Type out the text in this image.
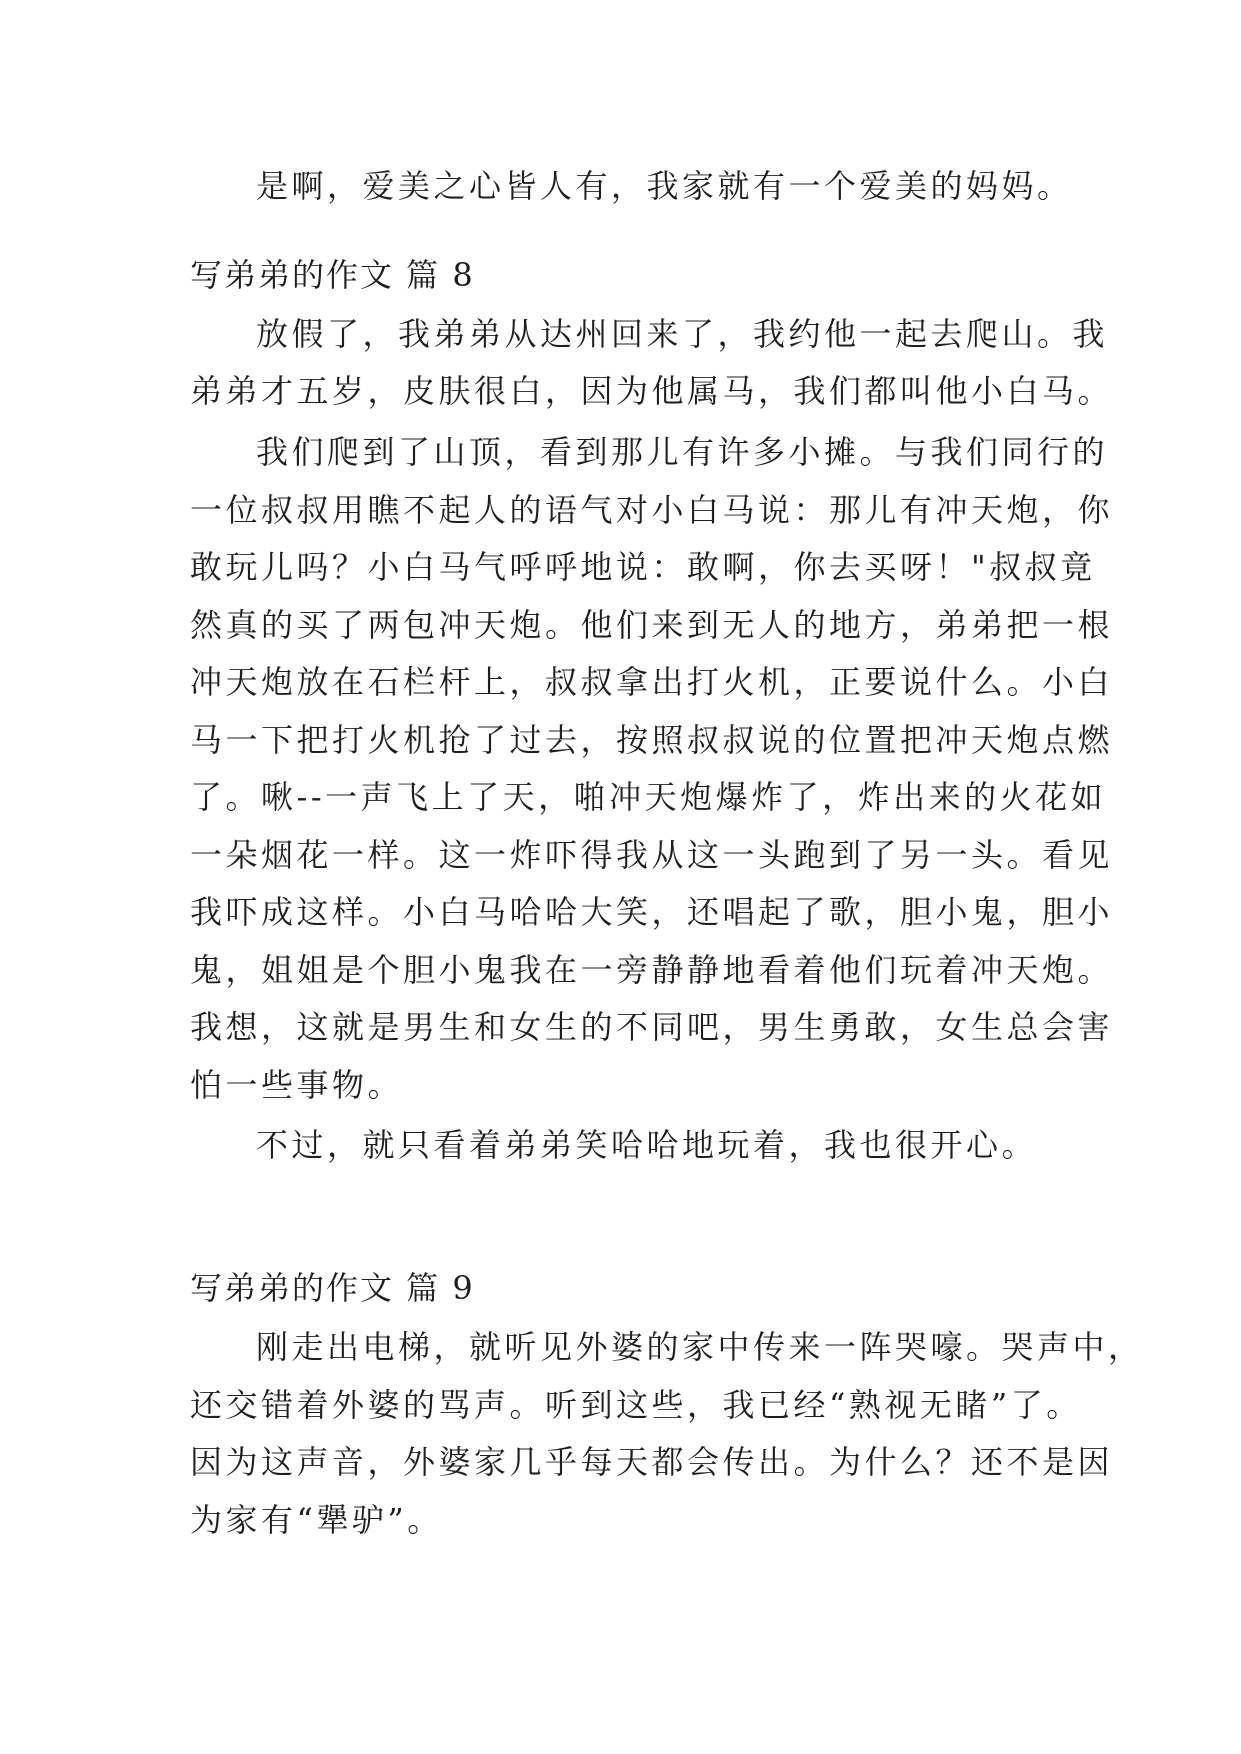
是啊，爱美之心皆人有，我家就有一个爱美的妈妈。
写弟弟的作文 篇 8
放假了，我弟弟从达州回来了，我约他一起去爬山。我
弟弟才五岁，皮肤很白，因为他属马，我们都叫他小白马。
我们爬到了山顶，看到那儿有许多小摊。与我们同行的
一位叔叔用瞧不起人的语气对小白马说：那儿有冲天炮，你
敢玩儿吗？小白马气呼呼地说：敢啊，你去买呀！"叔叔竟
然真的买了两包冲天炮。他们来到无人的地方，弟弟把一根
冲天炮放在石栏杆上，叔叔拿出打火机，正要说什么。小白
马一下把打火机抢了过去，按照叔叔说的位置把冲天炮点燃
了。啾--一声飞上了天，啪冲天炮爆炸了，炸出来的火花如
一朵烟花一样。这一炸吓得我从这一头跑到了另一头。看见
我吓成这样。小白马哈哈大笑，还唱起了歌，胆小鬼，胆小
鬼，姐姐是个胆小鬼我在一旁静静地看着他们玩着冲天炮。
我想，这就是男生和女生的不同吧，男生勇敢，女生总会害
怕一些事物。
不过，就只看着弟弟笑哈哈地玩着，我也很开心。
写弟弟的作文 篇 9
刚走出电梯，就听见外婆的家中传来一阵哭嚎。哭声中，
还交错着外婆的骂声。听到这些，我已经“熟视无睹”了。
因为这声音，外婆家几乎每天都会传出。为什么？还不是因
为家有“犟驴”。
